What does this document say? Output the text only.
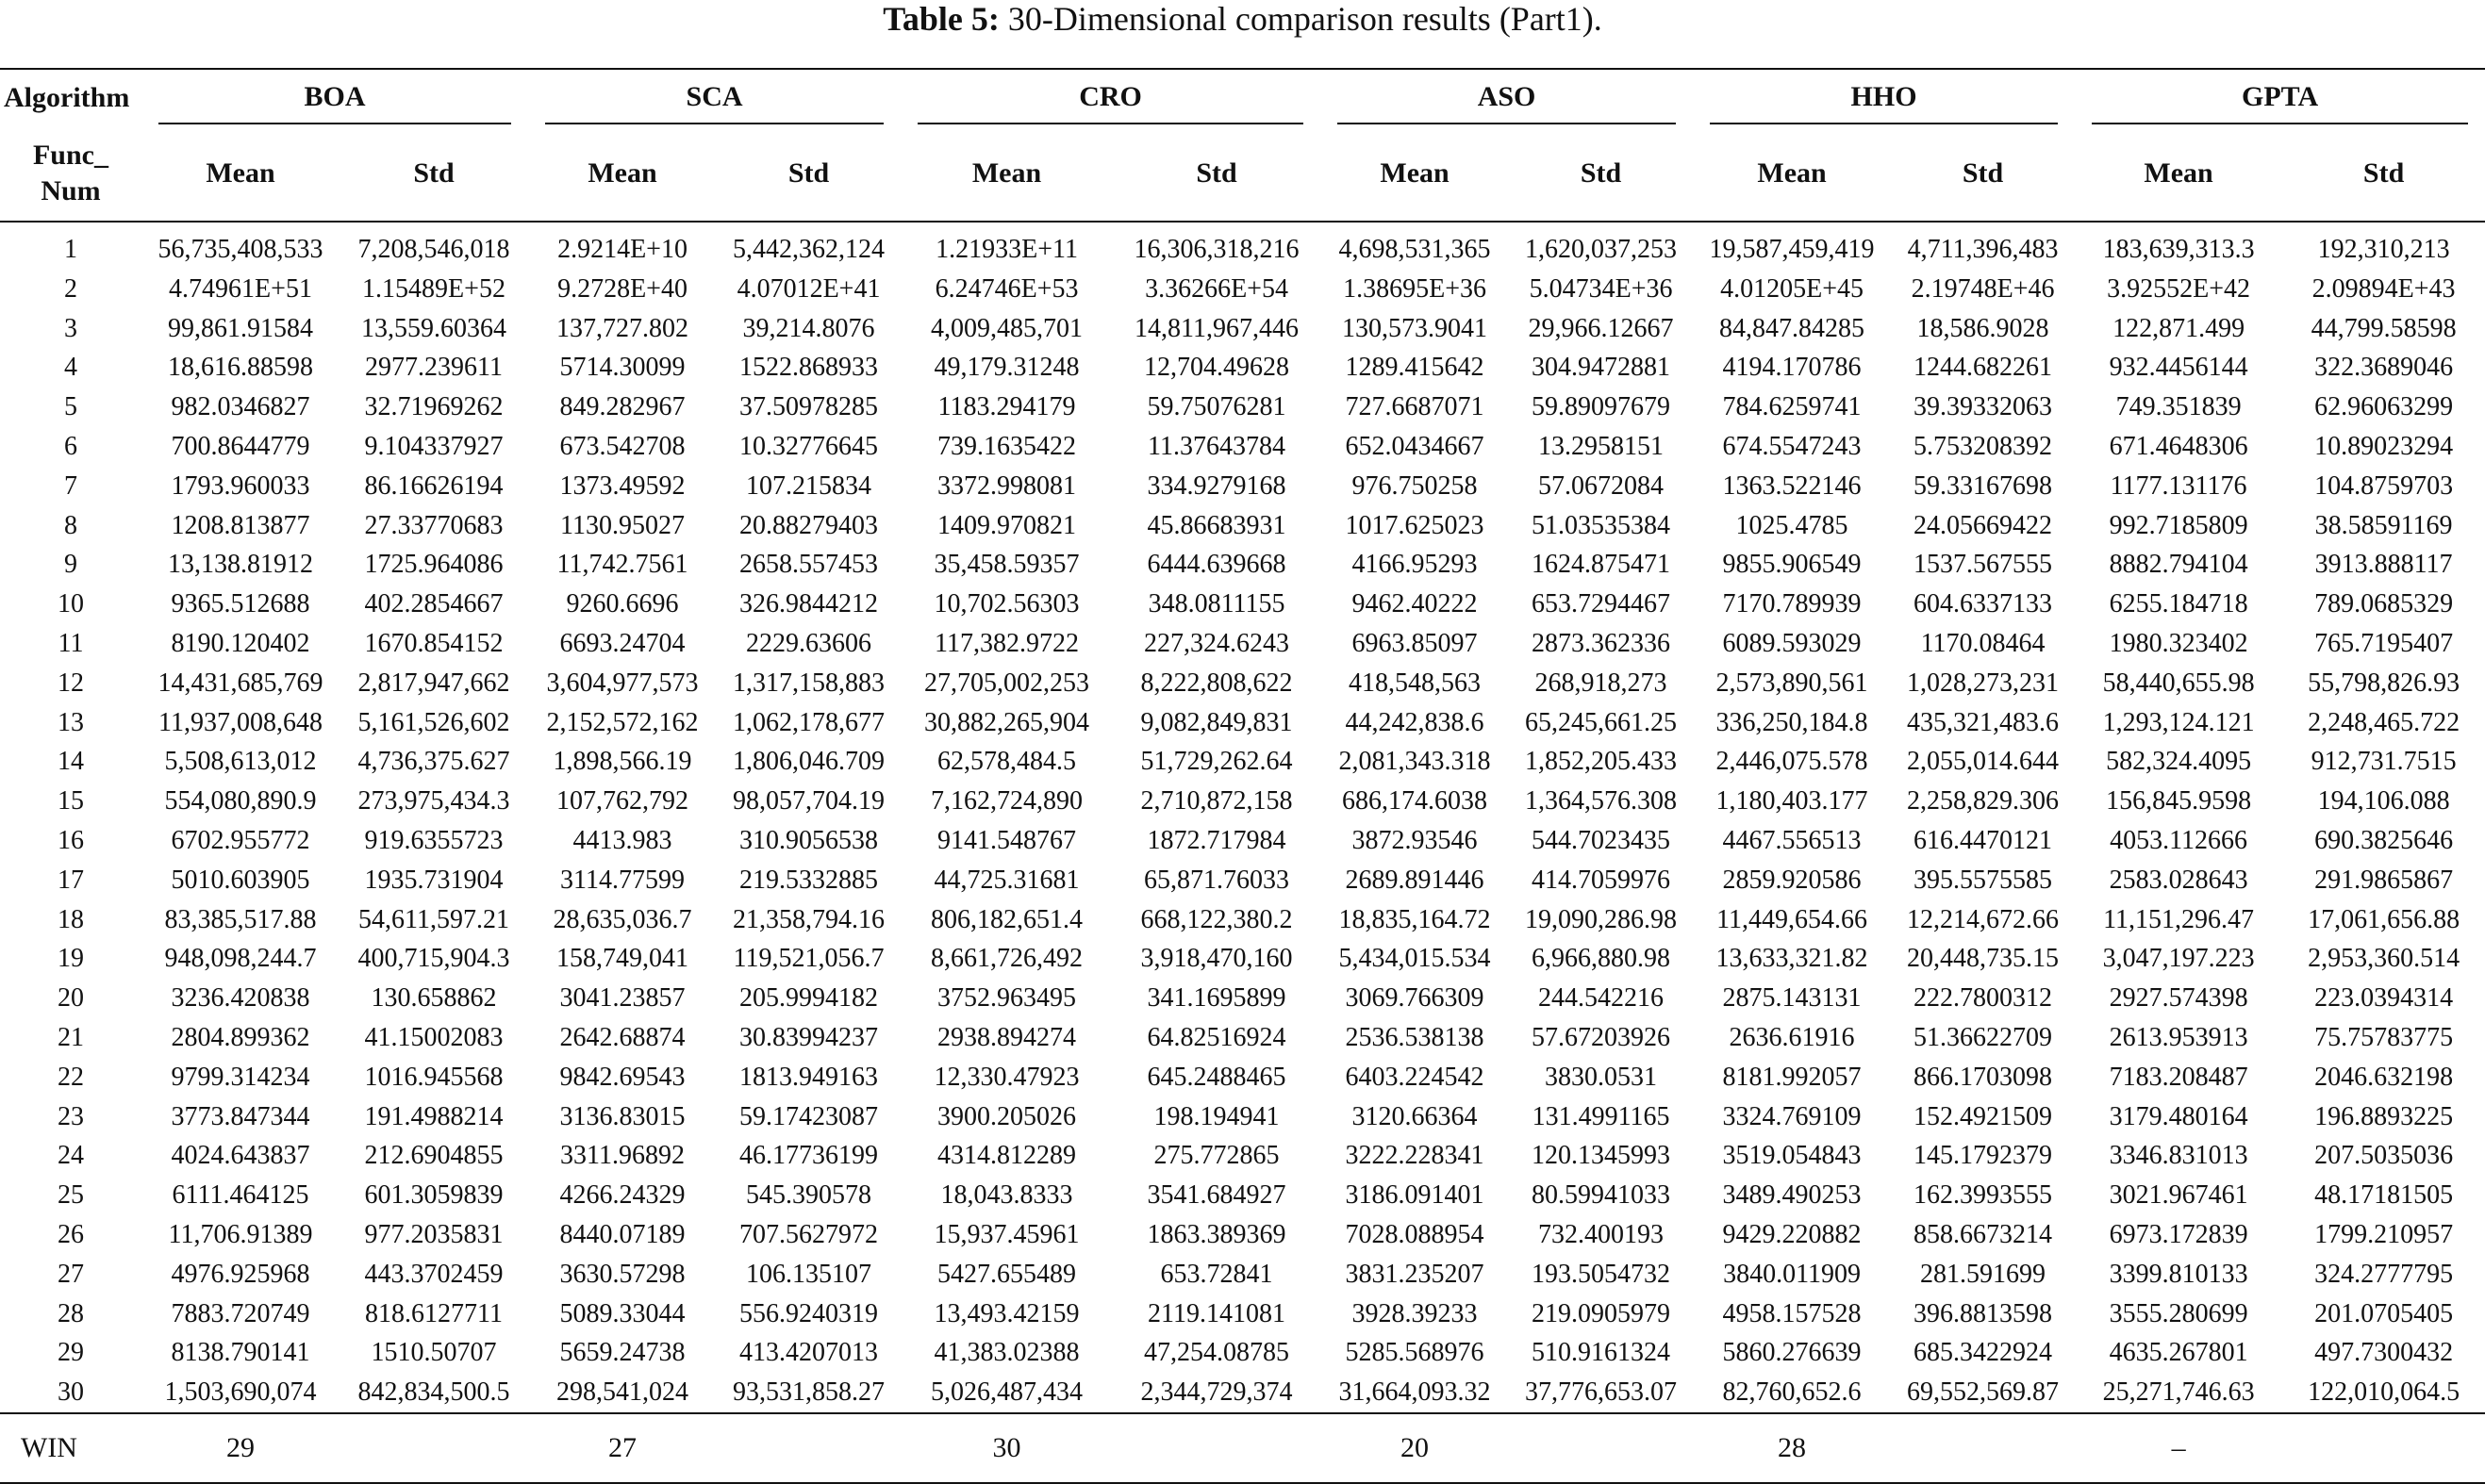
Table 5: 30-Dimensional comparison results (Part1).
Algorithm	BOA		SCA		CRO		ASO		HHO		GPTA	

Func_
Num	Mean	Std	Mean	Std	Mean	Std	Mean	Std	Mean	Std	Mean	Std

1	56,735,408,533	7,208,546,018	2.9214E+10	5,442,362,124	1.21933E+11	16,306,318,216	4,698,531,365	1,620,037,253	19,587,459,419	4,711,396,483	183,639,313.3	192,310,213
2	4.74961E+51	1.15489E+52	9.2728E+40	4.07012E+41	6.24746E+53	3.36266E+54	1.38695E+36	5.04734E+36	4.01205E+45	2.19748E+46	3.92552E+42	2.09894E+43
3	99,861.91584	13,559.60364	137,727.802	39,214.8076	4,009,485,701	14,811,967,446	130,573.9041	29,966.12667	84,847.84285	18,586.9028	122,871.499	44,799.58598
4	18,616.88598	2977.239611	5714.30099	1522.868933	49,179.31248	12,704.49628	1289.415642	304.9472881	4194.170786	1244.682261	932.4456144	322.3689046
5	982.0346827	32.71969262	849.282967	37.50978285	1183.294179	59.75076281	727.6687071	59.89097679	784.6259741	39.39332063	749.351839	62.96063299
6	700.8644779	9.104337927	673.542708	10.32776645	739.1635422	11.37643784	652.0434667	13.2958151	674.5547243	5.753208392	671.4648306	10.89023294
7	1793.960033	86.16626194	1373.49592	107.215834	3372.998081	334.9279168	976.750258	57.0672084	1363.522146	59.33167698	1177.131176	104.8759703
8	1208.813877	27.33770683	1130.95027	20.88279403	1409.970821	45.86683931	1017.625023	51.03535384	1025.4785	24.05669422	992.7185809	38.58591169
9	13,138.81912	1725.964086	11,742.7561	2658.557453	35,458.59357	6444.639668	4166.95293	1624.875471	9855.906549	1537.567555	8882.794104	3913.888117
10	9365.512688	402.2854667	9260.6696	326.9844212	10,702.56303	348.0811155	9462.40222	653.7294467	7170.789939	604.6337133	6255.184718	789.0685329
11	8190.120402	1670.854152	6693.24704	2229.63606	117,382.9722	227,324.6243	6963.85097	2873.362336	6089.593029	1170.08464	1980.323402	765.7195407
12	14,431,685,769	2,817,947,662	3,604,977,573	1,317,158,883	27,705,002,253	8,222,808,622	418,548,563	268,918,273	2,573,890,561	1,028,273,231	58,440,655.98	55,798,826.93
13	11,937,008,648	5,161,526,602	2,152,572,162	1,062,178,677	30,882,265,904	9,082,849,831	44,242,838.6	65,245,661.25	336,250,184.8	435,321,483.6	1,293,124.121	2,248,465.722
14	5,508,613,012	4,736,375.627	1,898,566.19	1,806,046.709	62,578,484.5	51,729,262.64	2,081,343.318	1,852,205.433	2,446,075.578	2,055,014.644	582,324.4095	912,731.7515
15	554,080,890.9	273,975,434.3	107,762,792	98,057,704.19	7,162,724,890	2,710,872,158	686,174.6038	1,364,576.308	1,180,403.177	2,258,829.306	156,845.9598	194,106.088
16	6702.955772	919.6355723	4413.983	310.9056538	9141.548767	1872.717984	3872.93546	544.7023435	4467.556513	616.4470121	4053.112666	690.3825646
17	5010.603905	1935.731904	3114.77599	219.5332885	44,725.31681	65,871.76033	2689.891446	414.7059976	2859.920586	395.5575585	2583.028643	291.9865867
18	83,385,517.88	54,611,597.21	28,635,036.7	21,358,794.16	806,182,651.4	668,122,380.2	18,835,164.72	19,090,286.98	11,449,654.66	12,214,672.66	11,151,296.47	17,061,656.88
19	948,098,244.7	400,715,904.3	158,749,041	119,521,056.7	8,661,726,492	3,918,470,160	5,434,015.534	6,966,880.98	13,633,321.82	20,448,735.15	3,047,197.223	2,953,360.514
20	3236.420838	130.658862	3041.23857	205.9994182	3752.963495	341.1695899	3069.766309	244.542216	2875.143131	222.7800312	2927.574398	223.0394314
21	2804.899362	41.15002083	2642.68874	30.83994237	2938.894274	64.82516924	2536.538138	57.67203926	2636.61916	51.36622709	2613.953913	75.75783775
22	9799.314234	1016.945568	9842.69543	1813.949163	12,330.47923	645.2488465	6403.224542	3830.0531	8181.992057	866.1703098	7183.208487	2046.632198
23	3773.847344	191.4988214	3136.83015	59.17423087	3900.205026	198.194941	3120.66364	131.4991165	3324.769109	152.4921509	3179.480164	196.8893225
24	4024.643837	212.6904855	3311.96892	46.17736199	4314.812289	275.772865	3222.228341	120.1345993	3519.054843	145.1792379	3346.831013	207.5035036
25	6111.464125	601.3059839	4266.24329	545.390578	18,043.8333	3541.684927	3186.091401	80.59941033	3489.490253	162.3993555	3021.967461	48.17181505
26	11,706.91389	977.2035831	8440.07189	707.5627972	15,937.45961	1863.389369	7028.088954	732.400193	9429.220882	858.6673214	6973.172839	1799.210957
27	4976.925968	443.3702459	3630.57298	106.135107	5427.655489	653.72841	3831.235207	193.5054732	3840.011909	281.591699	3399.810133	324.2777795
28	7883.720749	818.6127711	5089.33044	556.9240319	13,493.42159	2119.141081	3928.39233	219.0905979	4958.157528	396.8813598	3555.280699	201.0705405
29	8138.790141	1510.50707	5659.24738	413.4207013	41,383.02388	47,254.08785	5285.568976	510.9161324	5860.276639	685.3422924	4635.267801	497.7300432
30	1,503,690,074	842,834,500.5	298,541,024	93,531,858.27	5,026,487,434	2,344,729,374	31,664,093.32	37,776,653.07	82,760,652.6	69,552,569.87	25,271,746.63	122,010,064.5
WIN	29		27		30		20		28		–	
